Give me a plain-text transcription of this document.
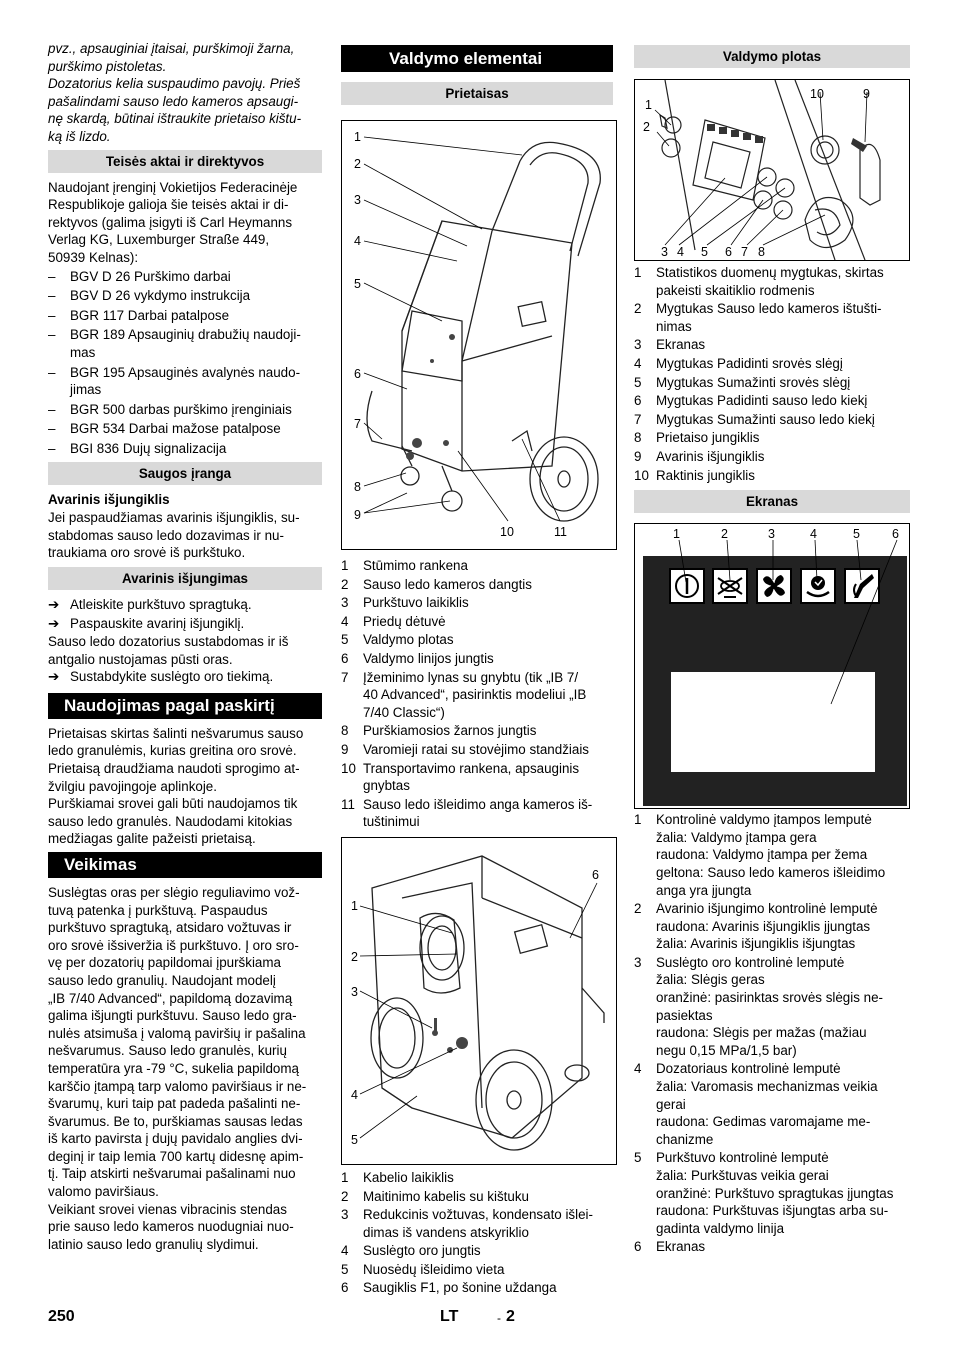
pvz., apsauginiai įtaisai, purškimoji žarna,
purškimo pistoletas.
Dozatorius kelia suspaudimo pavojų. Prieš
pašalindami sauso ledo kameros apsaugi-
nę skardą, būtinai ištraukite prietaiso kištu-
ką iš lizdo.
Teisės aktai ir direktyvos
Naudojant įrenginį Vokietijos Federacinėje
Respublikoje galioja šie teisės aktai ir di-
rektyvos (galima įsigyti iš Carl Heymanns
Verlag KG, Luxemburger Straße 449,
50939 Kelnas):
–	BGV D 26 Purškimo darbai
–	BGV D 26 vykdymo instrukcija
–	BGR 117 Darbai patalpose
–	BGR 189 Apsauginių drabužių naudoji-
mas
–	BGR 195 Apsauginės avalynės naudo-
jimas
–	BGR 500 darbas purškimo įrenginiais
–	BGR 534 Darbai mažose patalpose
–	BGI 836 Dujų signalizacija
Saugos įranga
Avarinis išjungiklis
Jei paspaudžiamas avarinis išjungiklis, su-
stabdomas sauso ledo dozavimas ir nu-
traukiama oro srovė iš purkštuko.
Avarinis išjungimas
➔ Atleiskite purkštuvo spragtuką.
➔ Paspauskite avarinį išjungiklį.
Sauso ledo dozatorius sustabdomas ir iš
antgalio nustojamas pūsti oras.
➔ Sustabdykite suslėgto oro tiekimą.
Naudojimas pagal paskirtį
Prietaisas skirtas šalinti nešvarumus sauso
ledo granulėmis, kurias greitina oro srovė.
Prietaisą draudžiama naudoti sprogimo at-
žvilgiu pavojingoje aplinkoje.
Purškiamai srovei gali būti naudojamos tik
sauso ledo granulės. Naudodami kitokias
medžiagas galite pažeisti prietaisą.
Veikimas
Suslėgtas oras per slėgio reguliavimo vož-
tuvą patenka į purkštuvą. Paspaudus
purkštuvo spragtuką, atsidaro vožtuvas ir
oro srovė išsiveržia iš purkštuvo. Į oro sro-
vę per dozatorių papildomai įpurškiama
sauso ledo granulių. Naudojant modelį
„IB 7/40 Advanced“, papildomą dozavimą
galima išjungti purkštuvu. Sauso ledo gra-
nulės atsimuša į valomą paviršių ir pašalina
nešvarumus. Sauso ledo granulės, kurių
temperatūra yra -79 °C, sukelia papildomą
karščio įtampą tarp valomo paviršiaus ir ne-
švarumų, kuri taip pat padeda pašalinti ne-
švarumus. Be to, purškiamas sausas ledas
iš karto pavirsta į dujų pavidalo anglies dvi-
deginį ir taip lemia 700 kartų didesnę apim-
tį. Taip atskirti nešvarumai pašalinami nuo
valomo paviršiaus.
Veikiant srovei vienas vibracinis stendas
prie sauso ledo kameros nuodugniai nuo-
latinio sauso ledo granulių slydimui.
Valdymo elementai
Prietaisas
1
2
3
4
5
6
7
8
9
10	11
1	Stūmimo rankena
2	Sauso ledo kameros dangtis
3	Purkštuvo laikiklis
4	Priedų dėtuvė
5	Valdymo plotas
6	Valdymo linijos jungtis
7	Įžeminimo lynas su gnybtu (tik „IB 7/
40 Advanced“, pasirinktis modeliui „IB
7/40 Classic“)
8	Purškiamosios žarnos jungtis
9	Varomieji ratai su stovėjimo standžiais
10 Transportavimo rankena, apsauginis
gnybtas
11 Sauso ledo išleidimo anga kameros iš-
tuštinimui
1
2
3
4
5
6
1	Kabelio laikiklis
2	Maitinimo kabelis su kištuku
3	Redukcinis vožtuvas, kondensato išlei-
dimas iš vandens atskyriklio
4	Suslėgto oro jungtis
5	Nuosėdų išleidimo vieta
6	Saugiklis F1, po šonine uždanga
Valdymo plotas
1
2
10	9
3 4 5 6 7 8
1	Statistikos duomenų mygtukas, skirtas
pakeisti skaitiklio rodmenis
2	Mygtukas Sauso ledo kameros ištušti-
nimas
3	Ekranas
4	Mygtukas Padidinti srovės slėgį
5	Mygtukas Sumažinti srovės slėgį
6	Mygtukas Padidinti sauso ledo kiekį
7	Mygtukas Sumažinti sauso ledo kiekį
8	Prietaiso jungiklis
9	Avarinis išjungiklis
10 Raktinis jungiklis
Ekranas
1	2	3	4	5	6
1	Kontrolinė valdymo įtampos lemputė
žalia: Valdymo įtampa gera
raudona: Valdymo įtampa per žema
geltona: Sauso ledo kameros išleidimo
anga yra įjungta
2	Avarinio išjungimo kontrolinė lemputė
raudona: Avarinis išjungiklis įjungtas
žalia: Avarinis išjungiklis išjungtas
3	Suslėgto oro kontrolinė lemputė
žalia: Slėgis geras
oranžinė: pasirinktas srovės slėgis ne-
pasiektas
raudona: Slėgis per mažas (mažiau
negu 0,15 MPa/1,5 bar)
4	Dozatoriaus kontrolinė lemputė
žalia: Varomasis mechanizmas veikia
gerai
raudona: Gedimas varomajame me-
chanizme
5	Purkštuvo kontrolinė lemputė
žalia: Purkštuvas veikia gerai
oranžinė: Purkštuvo spragtukas įjungtas
raudona: Purkštuvas išjungtas arba su-
gadinta valdymo linija
6	Ekranas
250	LT	- 2
